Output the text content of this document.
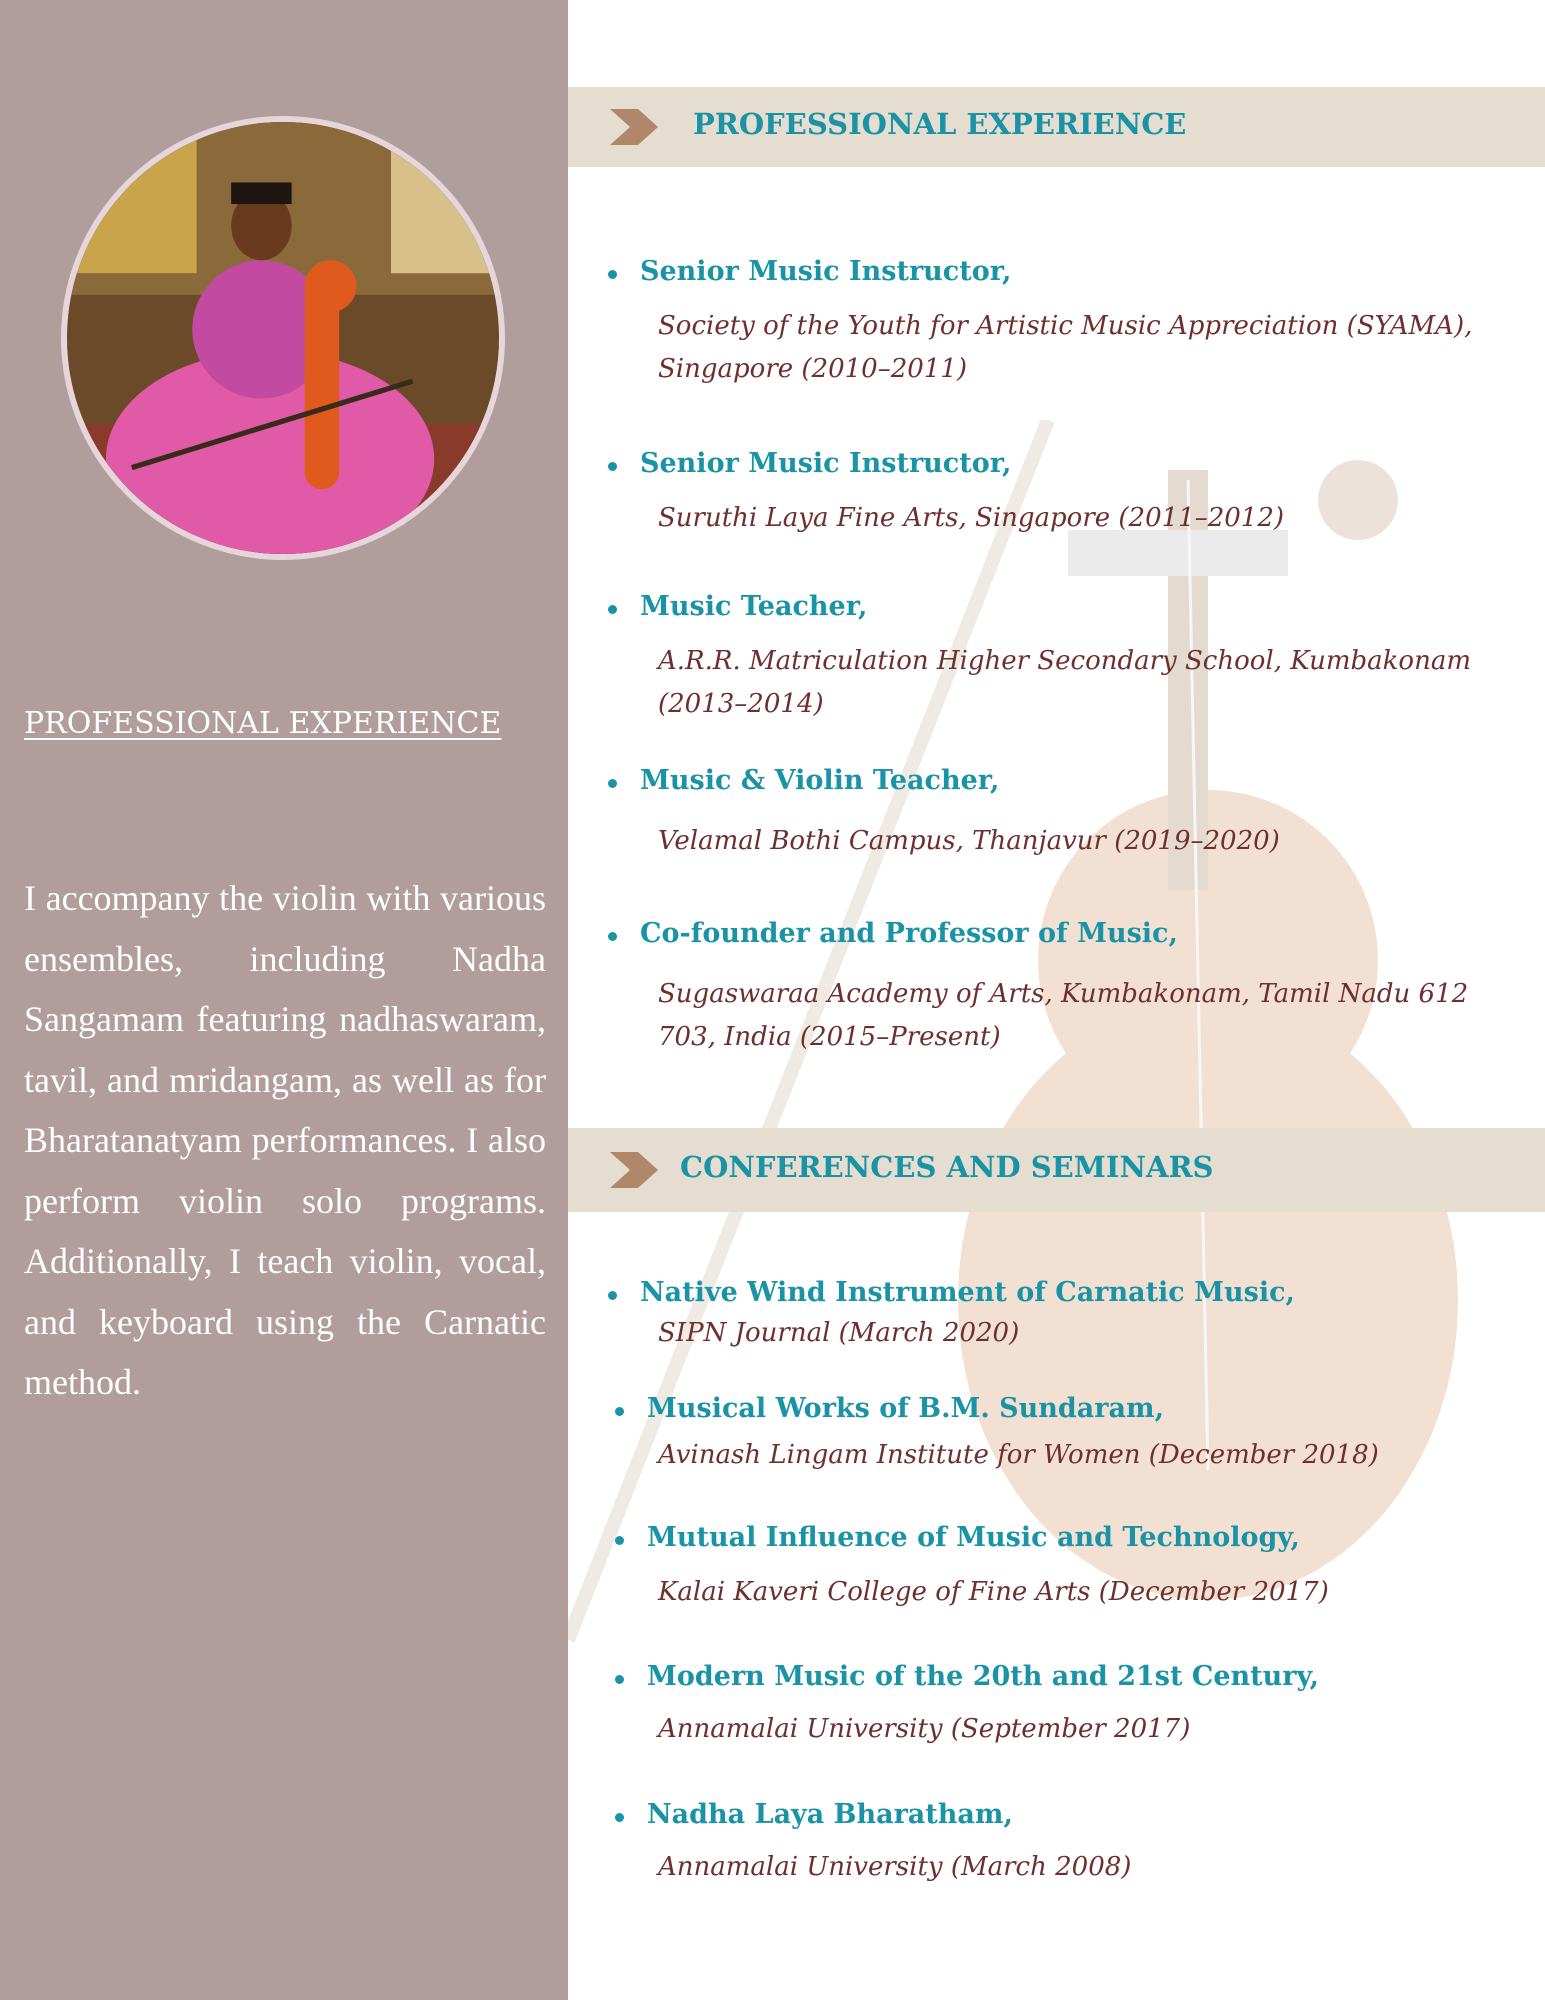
PROFESSIONAL EXPERIENCE
I accompany the violin with various ensembles, including Nadha Sangamam featuring nadhaswaram, tavil, and mridangam, as well as for Bharatanatyam performances. I also perform violin solo programs. Additionally, I teach violin, vocal, and keyboard using the Carnatic method.
PROFESSIONAL EXPERIENCE
Senior Music Instructor,
Society of the Youth for Artistic Music Appreciation (SYAMA), Singapore (2010–2011)
Senior Music Instructor,
Suruthi Laya Fine Arts, Singapore (2011–2012)
Music Teacher,
A.R.R. Matriculation Higher Secondary School, Kumbakonam (2013–2014)
Music & Violin Teacher,
Velamal Bothi Campus, Thanjavur (2019–2020)
Co-founder and Professor of Music,
Sugaswaraa Academy of Arts, Kumbakonam, Tamil Nadu 612 703, India (2015–Present)
CONFERENCES AND SEMINARS
Native Wind Instrument of Carnatic Music,
SIPN Journal (March 2020)
Musical Works of B.M. Sundaram,
Avinash Lingam Institute for Women (December 2018)
Mutual Influence of Music and Technology,
Kalai Kaveri College of Fine Arts (December 2017)
Modern Music of the 20th and 21st Century,
Annamalai University (September 2017)
Nadha Laya Bharatham,
Annamalai University (March 2008)
